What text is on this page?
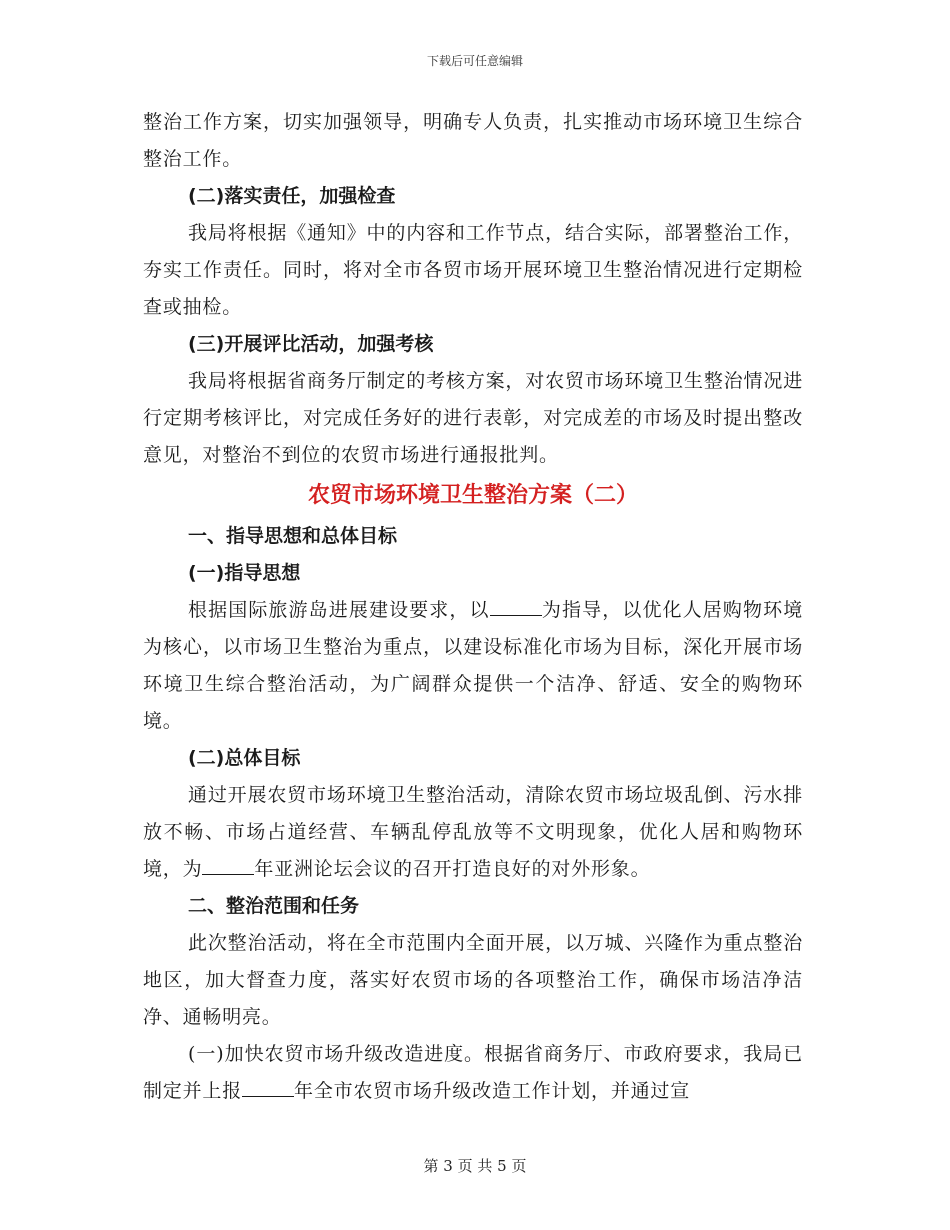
下载后可任意编辑

整治工作方案，切实加强领导，明确专人负责，扎实推动市场环境卫生综合整治工作。

(二)落实责任，加强检查

我局将根据《通知》中的内容和工作节点，结合实际，部署整治工作，夯实工作责任。同时，将对全市各贸市场开展环境卫生整治情况进行定期检查或抽检。

(三)开展评比活动，加强考核

我局将根据省商务厅制定的考核方案，对农贸市场环境卫生整治情况进行定期考核评比，对完成任务好的进行表彰，对完成差的市场及时提出整改意见，对整治不到位的农贸市场进行通报批判。

农贸市场环境卫生整治方案（二）

一、指导思想和总体目标

(一)指导思想

根据国际旅游岛进展建设要求，以	为指导，以优化人居购物环境为核心，以市场卫生整治为重点，以建设标准化市场为目标，深化开展市场环境卫生综合整治活动，为广阔群众提供一个洁净、舒适、安全的购物环境。

(二)总体目标

通过开展农贸市场环境卫生整治活动，清除农贸市场垃圾乱倒、污水排放不畅、市场占道经营、车辆乱停乱放等不文明现象，优化人居和购物环境，为	年亚洲论坛会议的召开打造良好的对外形象。

二、整治范围和任务

此次整治活动，将在全市范围内全面开展，以万城、兴隆作为重点整治地区，加大督查力度，落实好农贸市场的各项整治工作，确保市场洁净洁净、通畅明亮。

(一)加快农贸市场升级改造进度。根据省商务厅、市政府要求，我局已制定并上报	年全市农贸市场升级改造工作计划，并通过宣

第 3 页 共 5 页
